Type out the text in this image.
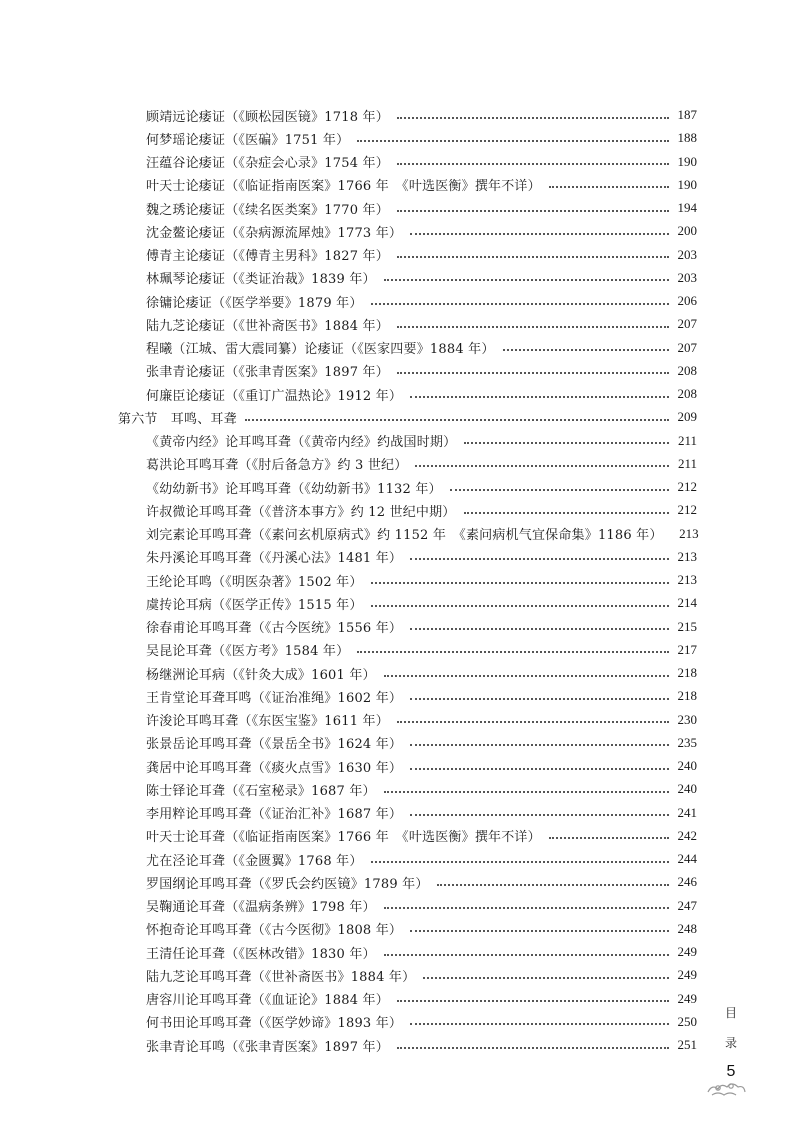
顾靖远论痿证（《顾松园医镜》1718 年）	187
何梦瑶论痿证（《医碥》1751 年）	188
汪蕴谷论痿证（《杂症会心录》1754 年）	190
叶天士论痿证（《临证指南医案》1766 年　《叶选医衡》撰年不详）	190
魏之琇论痿证（《续名医类案》1770 年）	194
沈金鳌论痿证（《杂病源流犀烛》1773 年）	200
傅青主论痿证（《傅青主男科》1827 年）	203
林珮琴论痿证（《类证治裁》1839 年）	203
徐镛论痿证（《医学举要》1879 年）	206
陆九芝论痿证（《世补斋医书》1884 年）	207
程曦（江城、雷大震同纂）论痿证（《医家四要》1884 年）	207
张聿青论痿证（《张聿青医案》1897 年）	208
何廉臣论痿证（《重订广温热论》1912 年）	208
第六节　耳鸣、耳聋	209
《黄帝内经》论耳鸣耳聋（《黄帝内经》约战国时期）	211
葛洪论耳鸣耳聋（《肘后备急方》约 3 世纪）	211
《幼幼新书》论耳鸣耳聋（《幼幼新书》1132 年）	212
许叔微论耳鸣耳聋（《普济本事方》约 12 世纪中期）	212
刘完素论耳鸣耳聋（《素问玄机原病式》约 1152 年　《素问病机气宜保命集》1186 年） 213
朱丹溪论耳鸣耳聋（《丹溪心法》1481 年）	213
王纶论耳鸣（《明医杂著》1502 年）	213
虞抟论耳病（《医学正传》1515 年）	214
徐春甫论耳鸣耳聋（《古今医统》1556 年）	215
吴昆论耳聋（《医方考》1584 年）	217
杨继洲论耳病（《针灸大成》1601 年）	218
王肯堂论耳聋耳鸣（《证治准绳》1602 年）	218
许浚论耳鸣耳聋（《东医宝鉴》1611 年）	230
张景岳论耳鸣耳聋（《景岳全书》1624 年）	235
龚居中论耳鸣耳聋（《痰火点雪》1630 年）	240
陈士铎论耳聋（《石室秘录》1687 年）	240
李用粹论耳鸣耳聋（《证治汇补》1687 年）	241
叶天士论耳聋（《临证指南医案》1766 年　《叶选医衡》撰年不详）	242
尤在泾论耳聋（《金匮翼》1768 年）	244
罗国纲论耳鸣耳聋（《罗氏会约医镜》1789 年）	246
吴鞠通论耳聋（《温病条辨》1798 年）	247
怀抱奇论耳鸣耳聋（《古今医彻》1808 年）	248
王清任论耳聋（《医林改错》1830 年）	249
陆九芝论耳鸣耳聋（《世补斋医书》1884 年）	249
唐容川论耳鸣耳聋（《血证论》1884 年）	249
何书田论耳鸣耳聋（《医学妙谛》1893 年）	250
张聿青论耳鸣（《张聿青医案》1897 年）	251
目
录
5
